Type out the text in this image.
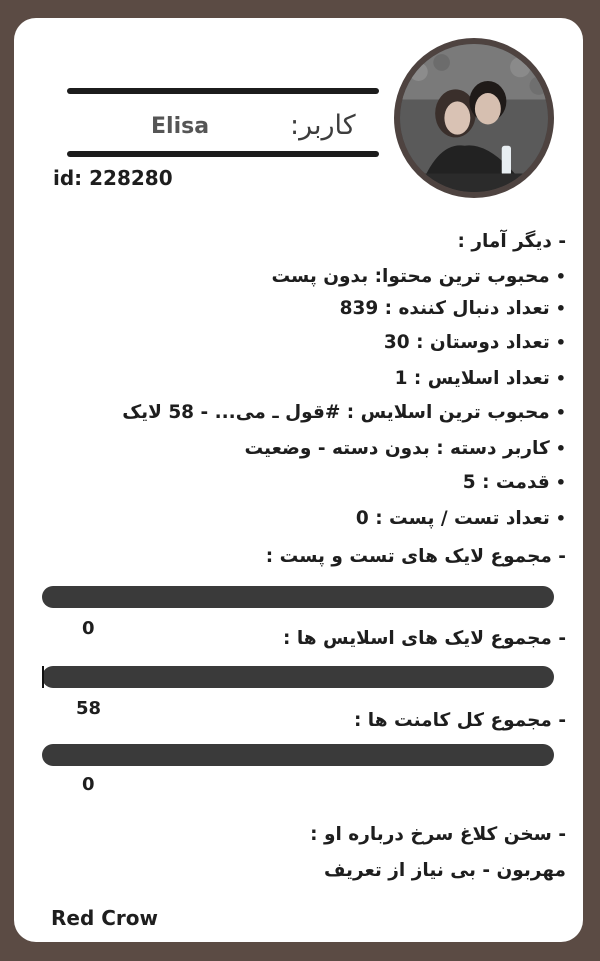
کاربر:
Elisa
id: 228280
- دیگر آمار :
•محبوب ترین محتوا: بدون پست
•تعداد دنبال کننده : 839
•تعداد دوستان : 30
•تعداد اسلایس : 1
•محبوب ترین اسلایس : #قول ـ می... - 58 لایک
•کاربر دسته : بدون دسته - وضعیت
•قدمت : 5
•تعداد تست / پست : 0
- مجموع لایک های تست و پست :
0	- مجموع لایک های اسلایس ها :
58
- مجموع کل کامنت ها :
0
- سخن کلاغ سرخ درباره او :
مهربون - بی نیاز از تعریف
Red Crow
